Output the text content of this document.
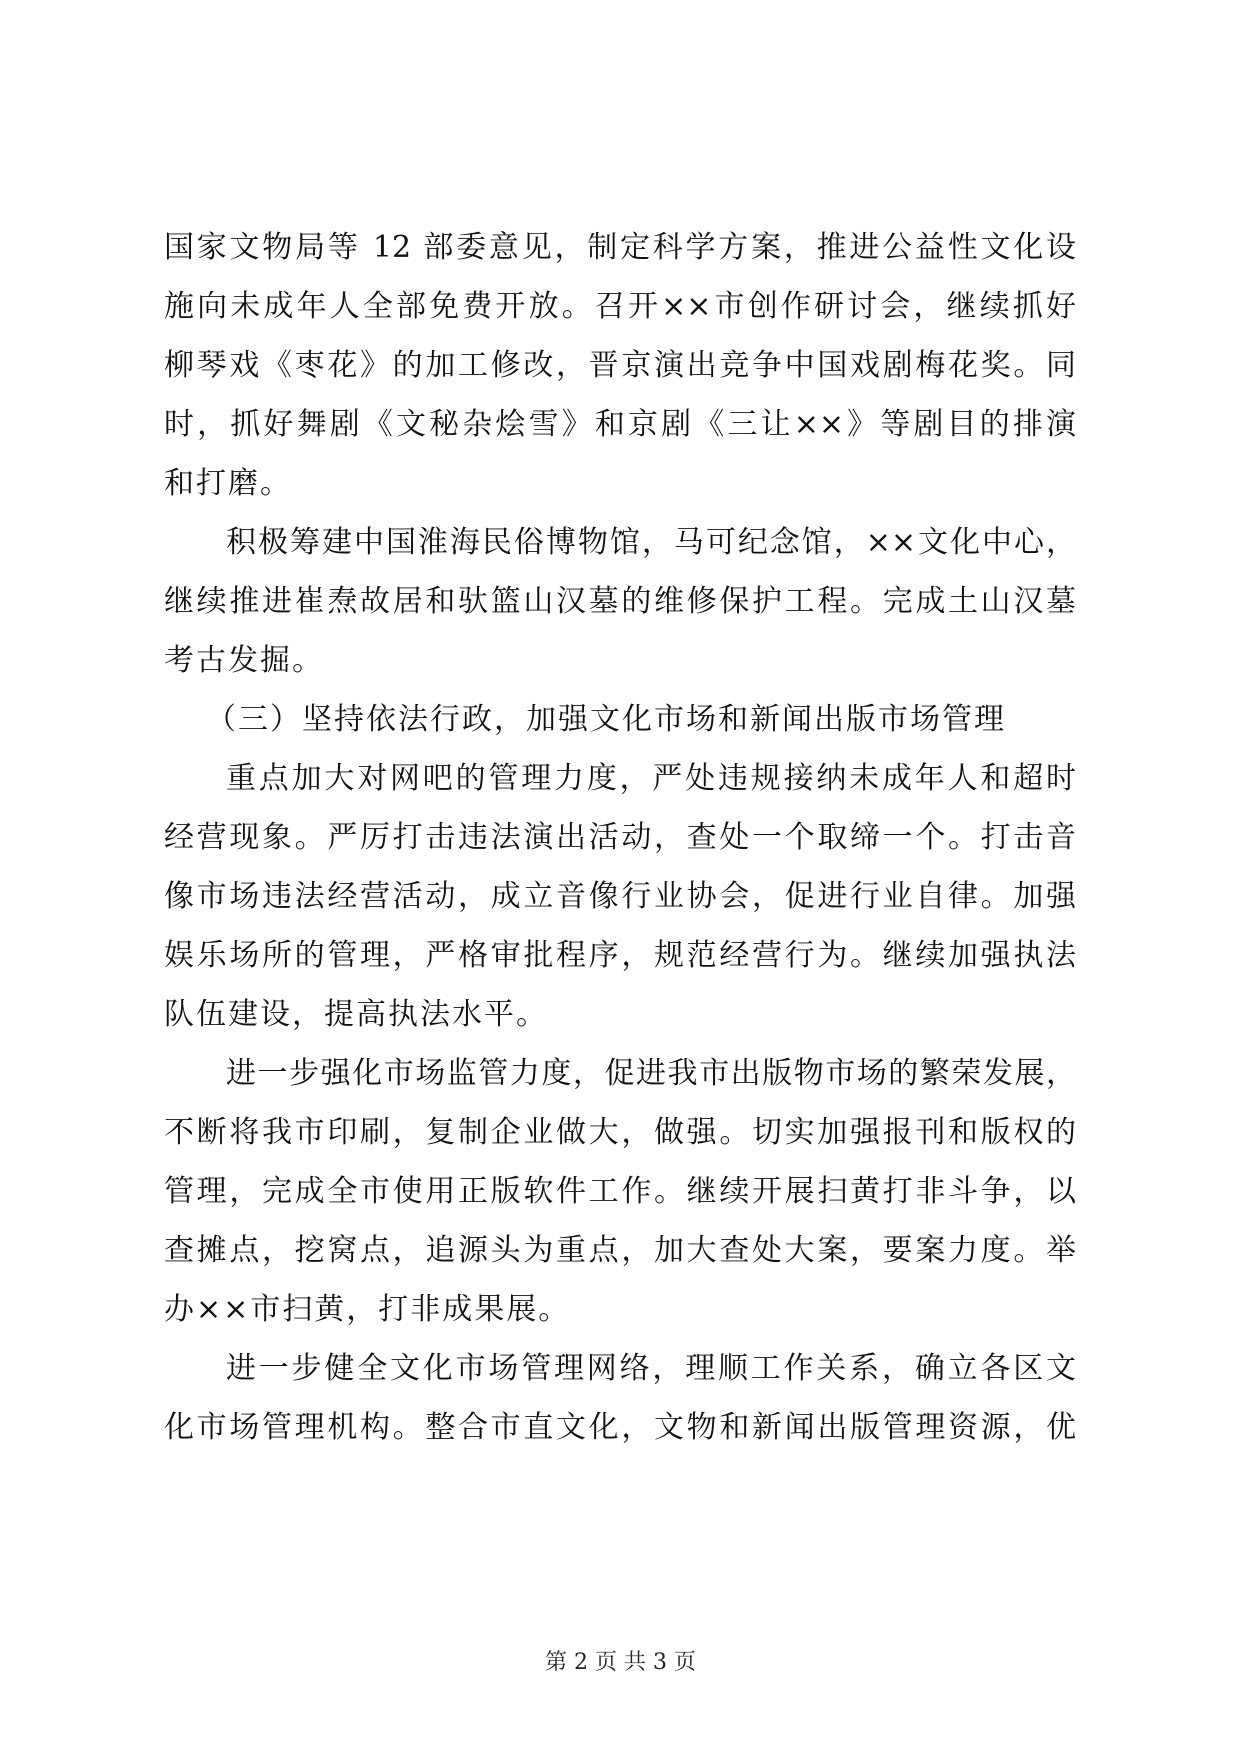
国家文物局等 12 部委意见，制定科学方案，推进公益性文化设
施向未成年人全部免费开放。召开××市创作研讨会，继续抓好
柳琴戏《枣花》的加工修改，晋京演出竞争中国戏剧梅花奖。同
时，抓好舞剧《文秘杂烩雪》和京剧《三让××》等剧目的排演
和打磨。
积极筹建中国淮海民俗博物馆，马可纪念馆，××文化中心，
继续推进崔焘故居和驮篮山汉墓的维修保护工程。完成土山汉墓
考古发掘。
（三）坚持依法行政，加强文化市场和新闻出版市场管理
重点加大对网吧的管理力度，严处违规接纳未成年人和超时
经营现象。严厉打击违法演出活动，查处一个取缔一个。打击音
像市场违法经营活动，成立音像行业协会，促进行业自律。加强
娱乐场所的管理，严格审批程序，规范经营行为。继续加强执法
队伍建设，提高执法水平。
进一步强化市场监管力度，促进我市出版物市场的繁荣发展，
不断将我市印刷，复制企业做大，做强。切实加强报刊和版权的
管理，完成全市使用正版软件工作。继续开展扫黄打非斗争，以
查摊点，挖窝点，追源头为重点，加大查处大案，要案力度。举
办××市扫黄，打非成果展。
进一步健全文化市场管理网络，理顺工作关系，确立各区文
化市场管理机构。整合市直文化，文物和新闻出版管理资源，优
第 2 页 共 3 页
